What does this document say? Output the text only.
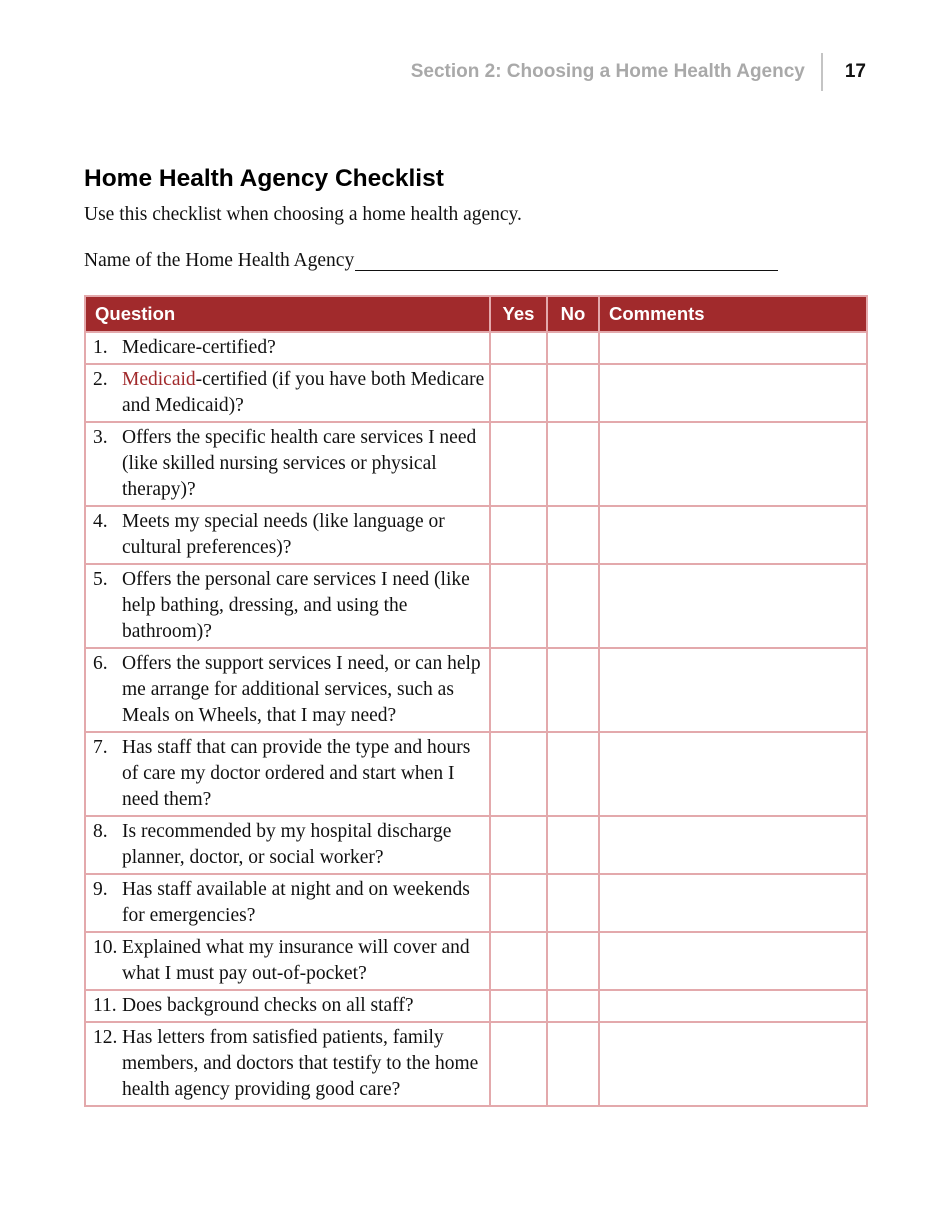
Section 2: Choosing a Home Health Agency	17
Home Health Agency Checklist
Use this checklist when choosing a home health agency.
Name of the Home Health Agency
Question	Yes	No	Comments

1. Medicare-certified?			

2. Medicaid-certified (if you have both Medicare and Medicaid)?			

3. Offers the specific health care services I need (like skilled nursing services or physical therapy)?			

4. Meets my special needs (like language or cultural preferences)?			

5. Offers the personal care services I need (like help bathing, dressing, and using the bathroom)?			

6. Offers the support services I need, or can help me arrange for additional services, such as Meals on Wheels, that I may need?			

7. Has staff that can provide the type and hours of care my doctor ordered and start when I need them?			

8. Is recommended by my hospital discharge planner, doctor, or social worker?			

9. Has staff available at night and on weekends for emergencies?			

10. Explained what my insurance will cover and what I must pay out-of-pocket?			

11. Does background checks on all staff?			

12. Has letters from satisfied patients, family members, and doctors that testify to the home health agency providing good care?			
